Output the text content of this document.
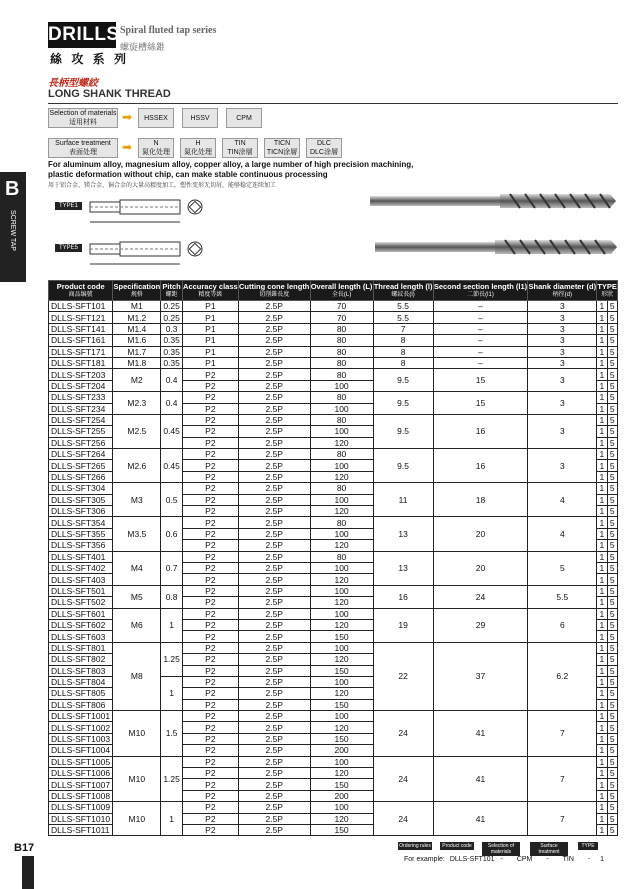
DRILLS
絲 攻 系 列
Spiral fluted tap series
螺旋槽絲錐
長柄型螺絞
LONG SHANK THREAD
Selection of materials
适用材料	➡	HSSEX	HSSV	CPM
Surface treatment
表面处理	➡	N
氮化处理
H
氮化处理
TIN
TIN涂層
TICN
TICN涂層
DLC
DLC涂層
For aluminum alloy, magnesium alloy, copper alloy, a large number of high precision machining,
plastic deformation without chip, can make stable continuous processing
用于铝合金、镁合金、铜合金的大量高精度加工，塑性变形无切屑，能够稳定连续加工
B
SCREW TAP
TYPE1
TYPE5
Product code
商品编號	Specification
规格	Pitch
螺距	Accuracy class
精度等級	Cutting cone length
切削錐長度	Overall length (L)
全長(L)	Thread length (l)
螺紋長(l)	Second section length (l1)
二節長(l1)	Shank diameter (d)
柄徑(d)	TYPE
形狀	

DLLS-SFT101	M1	0.25	P1	2.5P	70	5.5	–	3	1	5
DLLS-SFT121	M1.2	0.25	P1	2.5P	70	5.5	–	3	1	5
DLLS-SFT141	M1.4	0.3	P1	2.5P	80	7	–	3	1	5
DLLS-SFT161	M1.6	0.35	P1	2.5P	80	8	–	3	1	5
DLLS-SFT171	M1.7	0.35	P1	2.5P	80	8	–	3	1	5
DLLS-SFT181	M1.8	0.35	P1	2.5P	80	8	–	3	1	5
DLLS-SFT203	M2	0.4	P2	2.5P	80	9.5	15	3	1	5
DLLS-SFT204			P2	2.5P	100				1	5
DLLS-SFT233	M2.3	0.4	P2	2.5P	80	9.5	15	3	1	5
DLLS-SFT234			P2	2.5P	100				1	5
DLLS-SFT254	M2.5	0.45	P2	2.5P	80	9.5	16	3	1	5
DLLS-SFT255			P2	2.5P	100				1	5
DLLS-SFT256			P2	2.5P	120				1	5
DLLS-SFT264	M2.6	0.45	P2	2.5P	80	9.5	16	3	1	5
DLLS-SFT265			P2	2.5P	100				1	5
DLLS-SFT266			P2	2.5P	120				1	5
DLLS-SFT304	M3	0.5	P2	2.5P	80	11	18	4	1	5
DLLS-SFT305			P2	2.5P	100				1	5
DLLS-SFT306			P2	2.5P	120				1	5
DLLS-SFT354	M3.5	0.6	P2	2.5P	80	13	20	4	1	5
DLLS-SFT355			P2	2.5P	100				1	5
DLLS-SFT356			P2	2.5P	120				1	5
DLLS-SFT401	M4	0.7	P2	2.5P	80	13	20	5	1	5
DLLS-SFT402			P2	2.5P	100				1	5
DLLS-SFT403			P2	2.5P	120				1	5
DLLS-SFT501	M5	0.8	P2	2.5P	100	16	24	5.5	1	5
DLLS-SFT502			P2	2.5P	120				1	5
DLLS-SFT601	M6	1	P2	2.5P	100	19	29	6	1	5
DLLS-SFT602			P2	2.5P	120				1	5
DLLS-SFT603			P2	2.5P	150				1	5
DLLS-SFT801	M8	1.25	P2	2.5P	100	22	37	6.2	1	5
DLLS-SFT802			P2	2.5P	120				1	5
DLLS-SFT803			P2	2.5P	150				1	5
DLLS-SFT804		1	P2	2.5P	100				1	5
DLLS-SFT805			P2	2.5P	120				1	5
DLLS-SFT806			P2	2.5P	150				1	5
DLLS-SFT1001	M10	1.5	P2	2.5P	100	24	41	7	1	5
DLLS-SFT1002			P2	2.5P	120				1	5
DLLS-SFT1003			P2	2.5P	150				1	5
DLLS-SFT1004			P2	2.5P	200				1	5
DLLS-SFT1005	M10	1.25	P2	2.5P	100	24	41	7	1	5
DLLS-SFT1006			P2	2.5P	120				1	5
DLLS-SFT1007			P2	2.5P	150				1	5
DLLS-SFT1008			P2	2.5P	200				1	5
DLLS-SFT1009	M10	1	P2	2.5P	100	24	41	7	1	5
DLLS-SFT1010			P2	2.5P	120				1	5
DLLS-SFT1011			P2	2.5P	150				1	5
B17	Ordering rules	Product code	Selection of materials
Surface treatment
TYPE
For example: DLLS-SFT101 - CPM - TIN - 1
